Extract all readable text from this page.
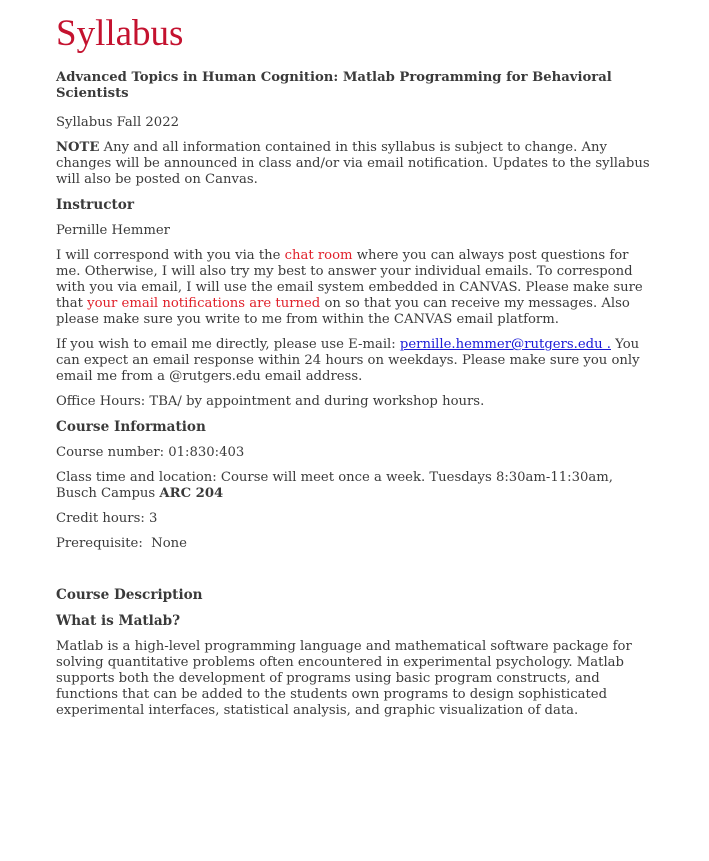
Syllabus
Advanced Topics in Human Cognition: Matlab Programming for Behavioral Scientists
Syllabus Fall 2022
NOTE Any and all information contained in this syllabus is subject to change. Any changes will be announced in class and/or via email notification. Updates to the syllabus will also be posted on Canvas.
Instructor
Pernille Hemmer
I will correspond with you via the chat room where you can always post questions for me. Otherwise, I will also try my best to answer your individual emails. To correspond with you via email, I will use the email system embedded in CANVAS. Please make sure that your email notifications are turned on so that you can receive my messages. Also please make sure you write to me from within the CANVAS email platform.
If you wish to email me directly, please use E-mail: pernille.hemmer@rutgers.edu . You can expect an email response within 24 hours on weekdays. Please make sure you only email me from a @rutgers.edu email address.
Office Hours: TBA/ by appointment and during workshop hours.
Course Information
Course number: 01:830:403
Class time and location: Course will meet once a week. Tuesdays 8:30am-11:30am, Busch Campus ARC 204
Credit hours: 3
Prerequisite:  None
Course Description
What is Matlab?
Matlab is a high-level programming language and mathematical software package for solving quantitative problems often encountered in experimental psychology. Matlab supports both the development of programs using basic program constructs, and functions that can be added to the students own programs to design sophisticated experimental interfaces, statistical analysis, and graphic visualization of data.
